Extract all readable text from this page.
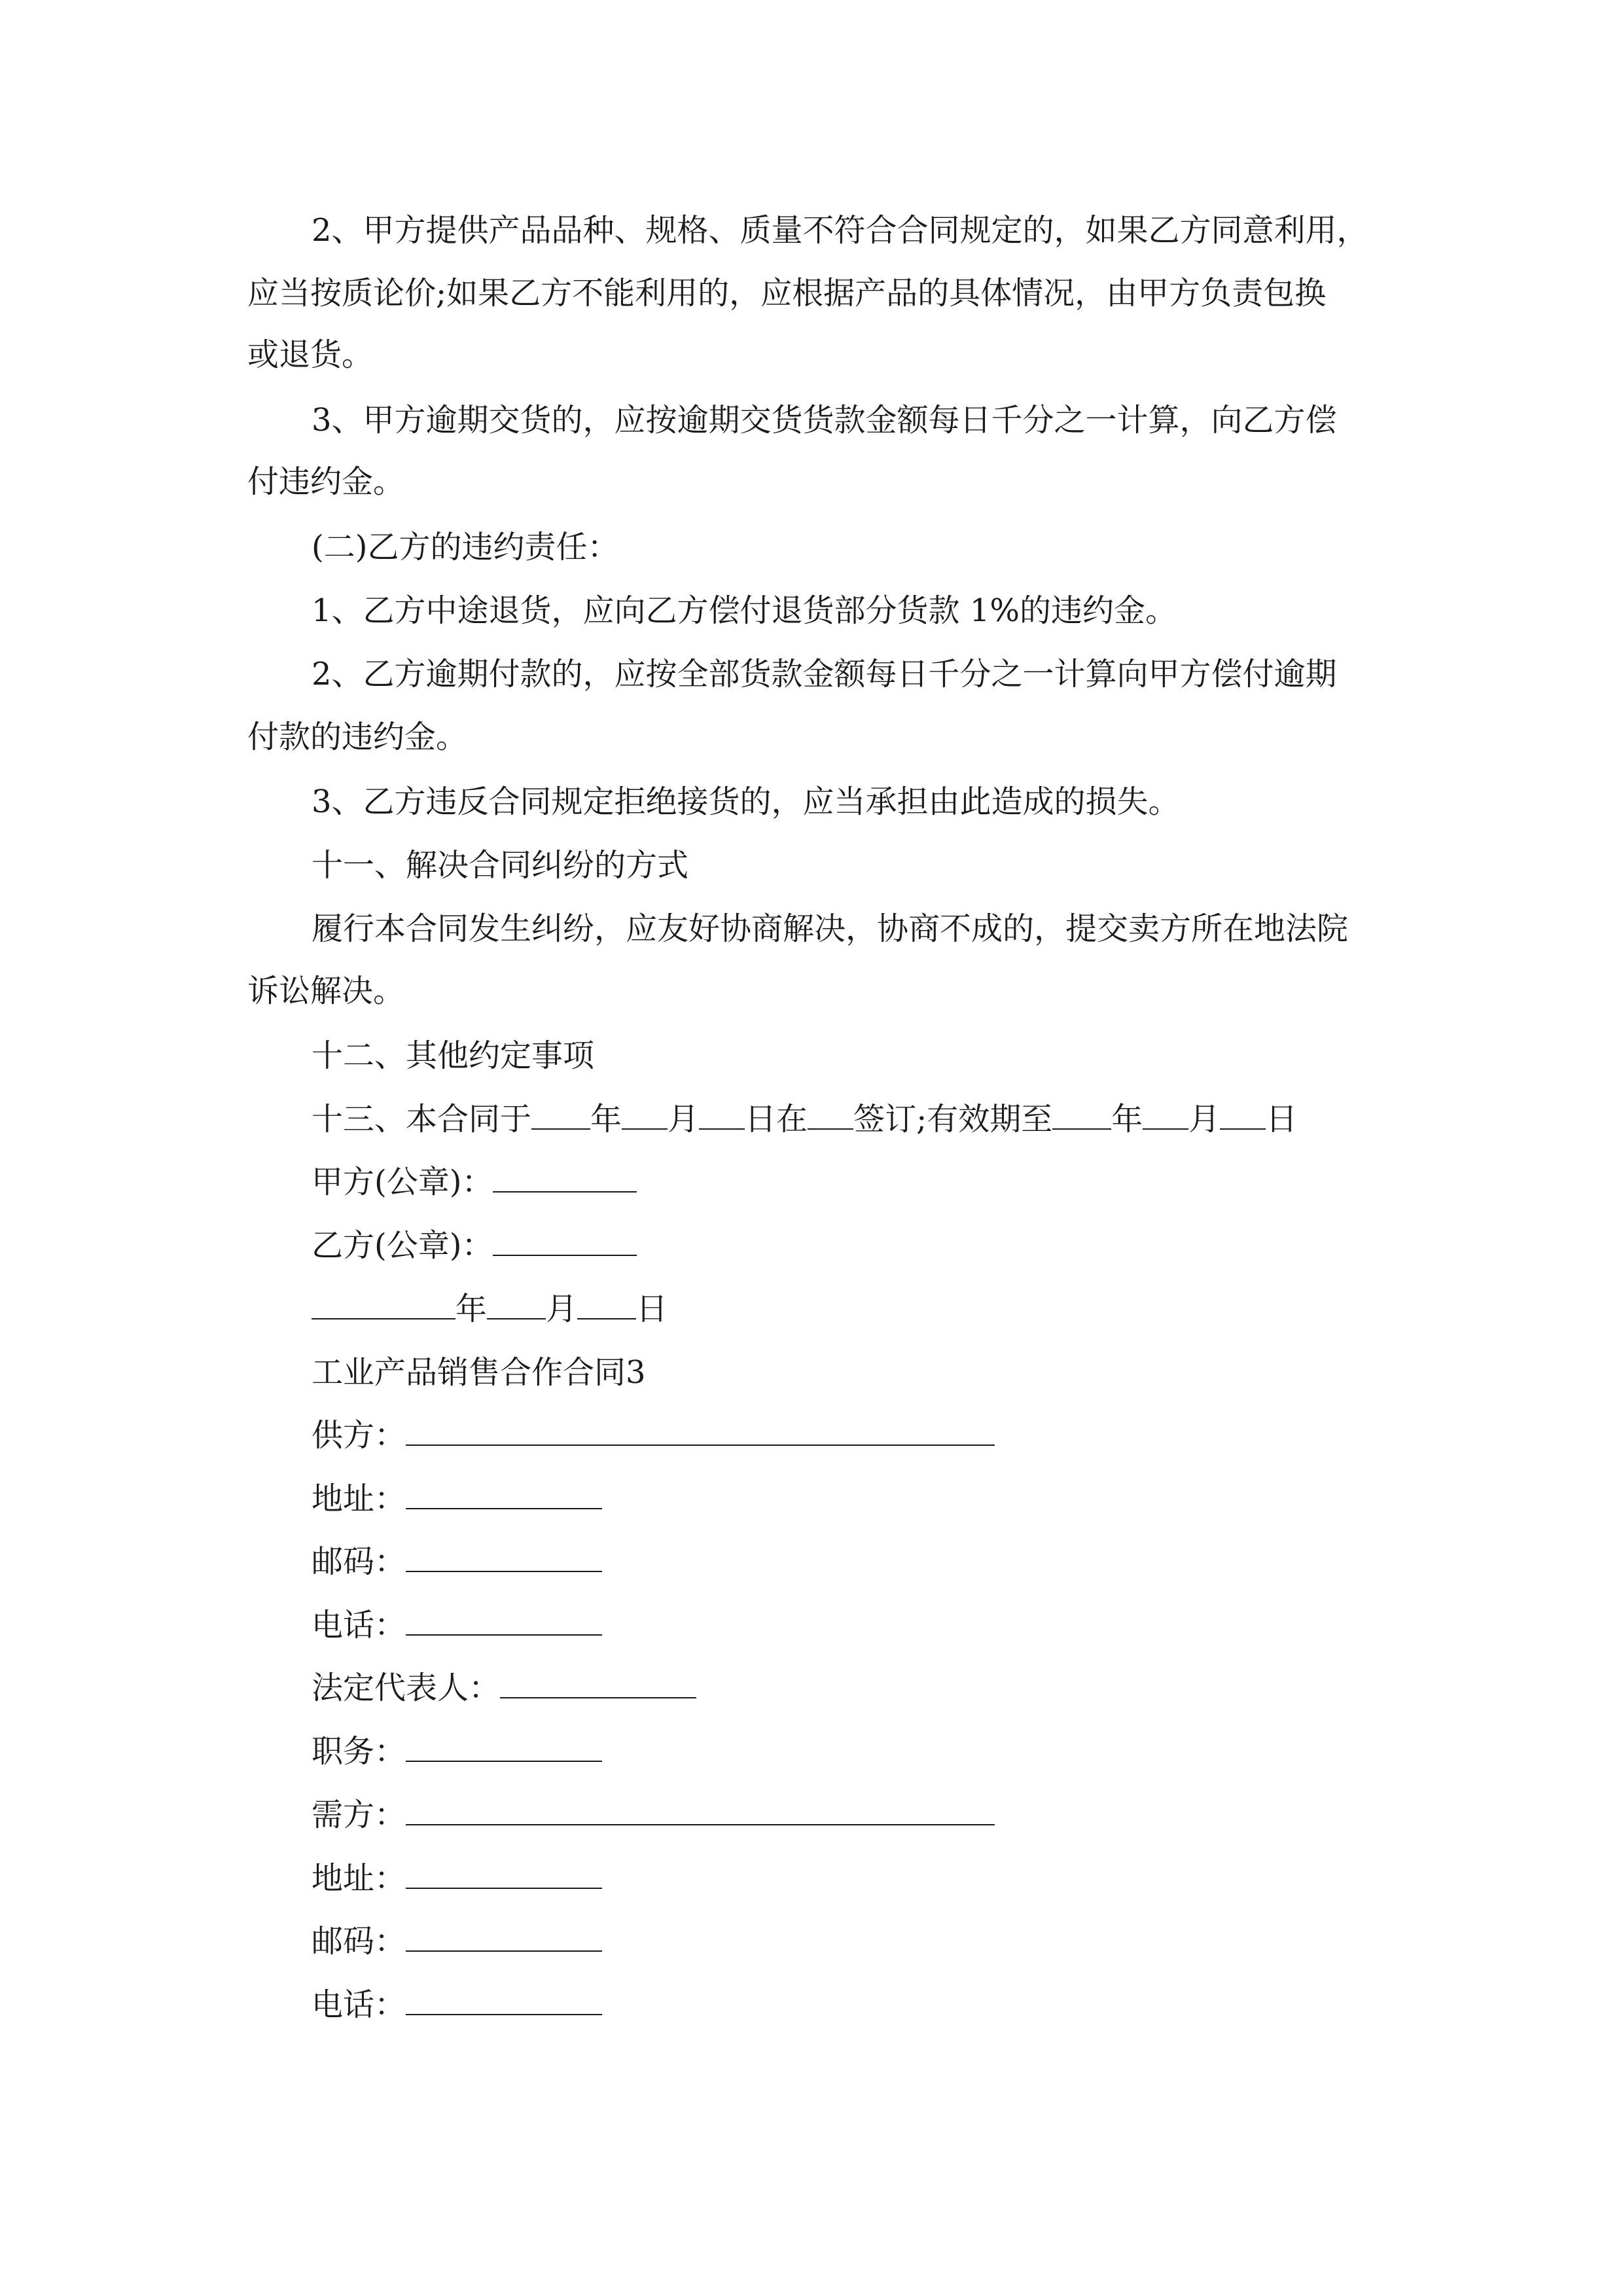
2、甲方提供产品品种、规格、质量不符合合同规定的，如果乙方同意利用，
应当按质论价;如果乙方不能利用的，应根据产品的具体情况，由甲方负责包换
或退货。
3、甲方逾期交货的，应按逾期交货货款金额每日千分之一计算，向乙方偿
付违约金。
(二)乙方的违约责任：
1、乙方中途退货，应向乙方偿付退货部分货款 1%的违约金。
2、乙方逾期付款的，应按全部货款金额每日千分之一计算向甲方偿付逾期
付款的违约金。
3、乙方违反合同规定拒绝接货的，应当承担由此造成的损失。
十一、解决合同纠纷的方式
履行本合同发生纠纷，应友好协商解决，协商不成的，提交卖方所在地法院
诉讼解决。
十二、其他约定事项
十三、本合同于 年 月 日在 签订;有效期至 年 月 日
甲方(公章)：
乙方(公章)：
年 月 日
工业产品销售合作合同3
供方：
地址：
邮码：
电话：
法定代表人：
职务：
需方：
地址：
邮码：
电话：
